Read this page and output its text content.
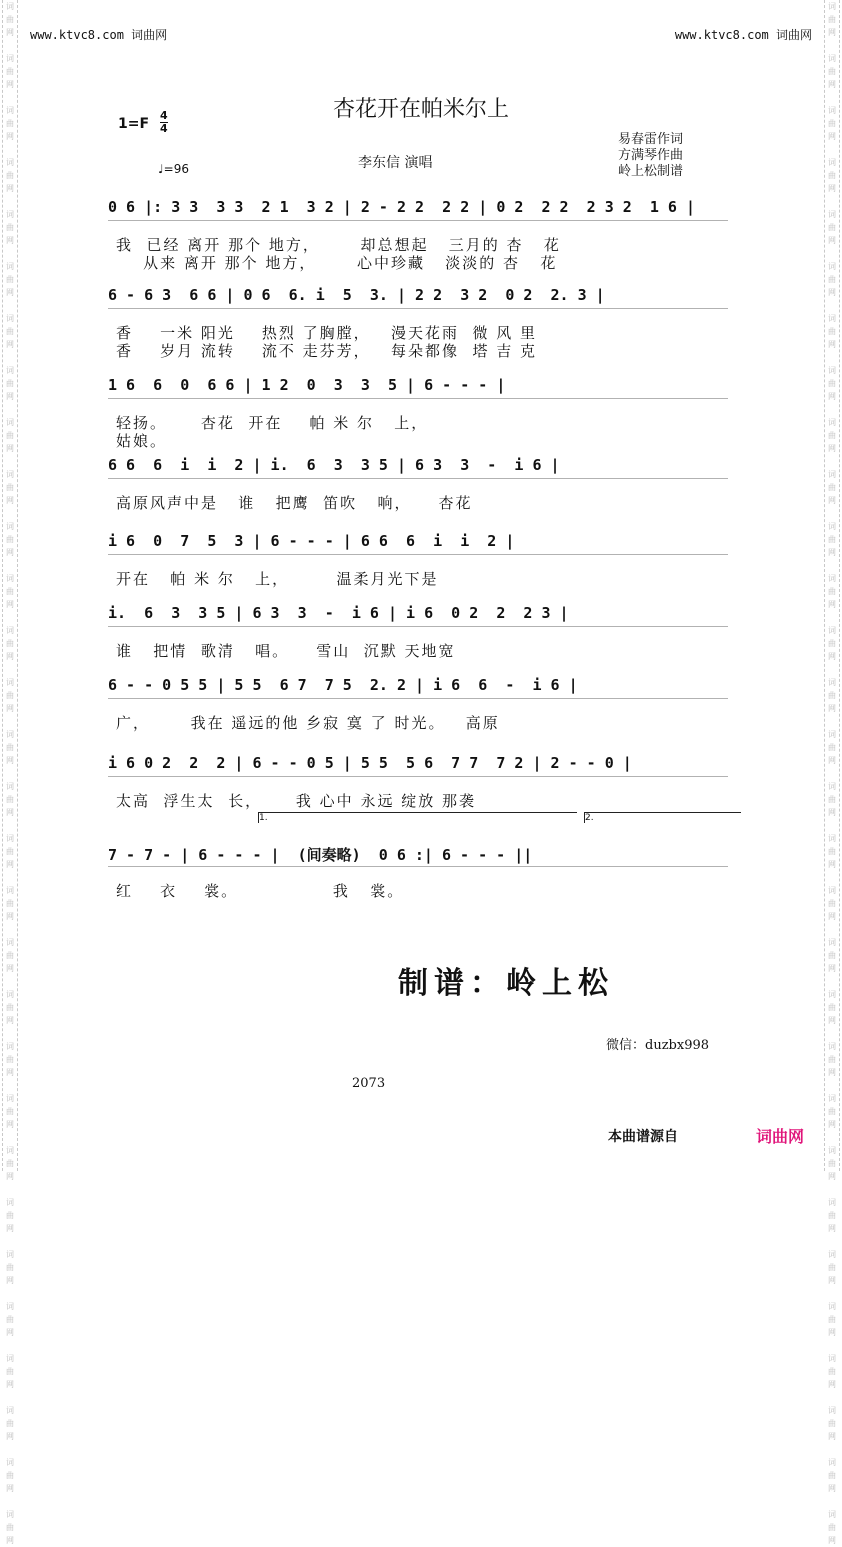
词
曲
网

词
曲
网

词
曲
网

词
曲
网

词
曲
网

词
曲
网

词
曲
网

词
曲
网

词
曲
网

词
曲
网

词
曲
网

词
曲
网

词
曲
网

词
曲
网

词
曲
网

词
曲
网

词
曲
网

词
曲
网

词
曲
网

词
曲
网

词
曲
网

词
曲
网

词
曲
网

词
曲
网

词
曲
网

词
曲
网

词
曲
网

词
曲
网

词
曲
网

词
曲
网

词
曲
网

词
曲
网

词
曲
网

词
曲
网

词
曲
网

词
曲
网

词
曲
网

词
曲
网

词
曲
网

词
曲
网

词
曲
网

词
曲
网

词
曲
网

词
曲
网

词
曲
网

词
曲
网

词
曲
网

词
曲
网

词
曲
网

词
曲
网

词
曲
网

词
曲
网

词
曲
网

词
曲
网

词
曲
网

词
曲
网

词
曲
网

词
曲
网

词
曲
网

词
曲
网

www.ktvc8.com 词曲网	www.ktvc8.com 词曲网
$1=F \frac{4}{4}$
杏花开在帕米尔上
李东信 演唱
易春雷作词
方满琴作曲
岭上松制谱
♩=96
0 6 |: 3 3  3 3  2 1  3 2 | 2 - 2 2  2 2 | 0 2  2 2  2 3 2  1 6 |
我  已经 离开 那个 地方，      却总想起   三月的 杏   花
从来 离开 那个 地方，      心中珍藏   淡淡的 杏   花
6 - 6 3  6 6 | 0 6  6. i  5  3. | 2 2  3 2  0 2  2. 3 |
香    一米 阳光    热烈 了胸膛，   漫天花雨  微 风 里
香    岁月 流转    流不 走芬芳，   每朵都像  塔 吉 克
1 6  6  0  6 6 | 1 2  0  3  3  5 | 6 - - - |
轻扬。     杏花  开在    帕 米 尔   上，
姑娘。
6 6  6  i  i  2 | i.  6  3  3 5 | 6 3  3  -  i 6 |
高原风声中是   谁   把鹰  笛吹   响，    杏花
i 6  0  7  5  3 | 6 - - - | 6 6  6  i  i  2 |
开在   帕 米 尔   上，       温柔月光下是
i.  6  3  3 5 | 6 3  3  -  i 6 | i 6  0 2  2  2 3 |
谁   把情  歌清   唱。    雪山  沉默 天地宽
6 - - 0 5 5 | 5 5  6 7  7 5  2. 2 | i 6  6  -  i 6 |
广，      我在 遥远的他 乡寂 寞 了 时光。   高原
i 6 0 2  2  2 | 6 - - 0 5 | 5 5  5 6  7 7  7 2 | 2 - - 0 |
太高  浮生太  长，     我 心中 永远 绽放 那袭
7 - 7 - | 6 - - - |  (间奏略)  0 6 :| 6 - - - ||
红    衣    裳。              我   裳。
1.	2.
制谱：岭上松
微信：duzbx998
2073
本曲谱源自	词曲网
